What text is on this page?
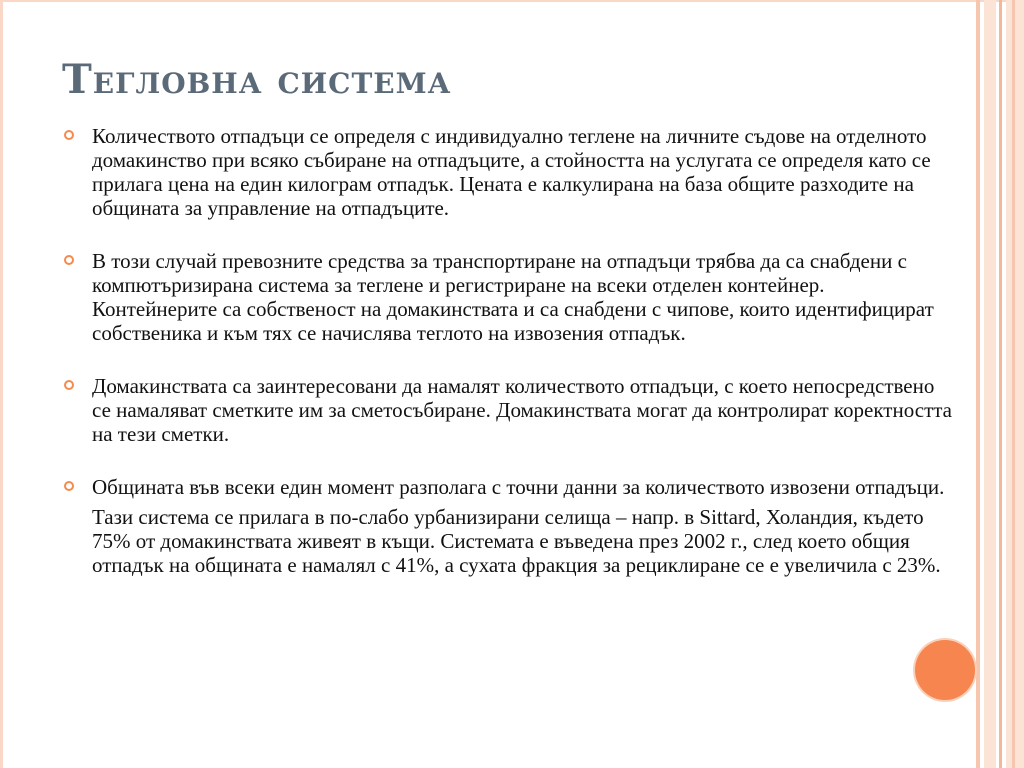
Тегловна система

Количеството отпадъци се определя с индивидуално теглене на личните съдове на отделното домакинство при всяко събиране на отпадъците, а стойността на услугата се определя като се прилага цена на един килограм отпадък. Цената е калкулирана на база общите разходите на общината за управление на отпадъците.

В този случай превозните средства за транспортиране на отпадъци трябва да са снабдени с компютъризирана система за теглене и регистриране на всеки отделен контейнер. Контейнерите са собственост на домакинствата и са снабдени с чипове, които идентифицират собственика и към тях се начислява теглото на извозения отпадък.

Домакинствата са заинтересовани да намалят количеството отпадъци, с което непосредствено се намаляват сметките им за сметосъбиране. Домакинствата могат да контролират коректността на тези сметки.

Общината във всеки един момент разполага с точни данни за количеството извозени отпадъци.

Тази система се прилага в по-слабо урбанизирани селища – напр. в Sittard, Холандия, където 75% от домакинствата живеят в къщи. Системата е въведена през 2002 г., след което общия отпадък на общината е намалял с 41%, а сухата фракция за рециклиране се е увеличила с 23%.
